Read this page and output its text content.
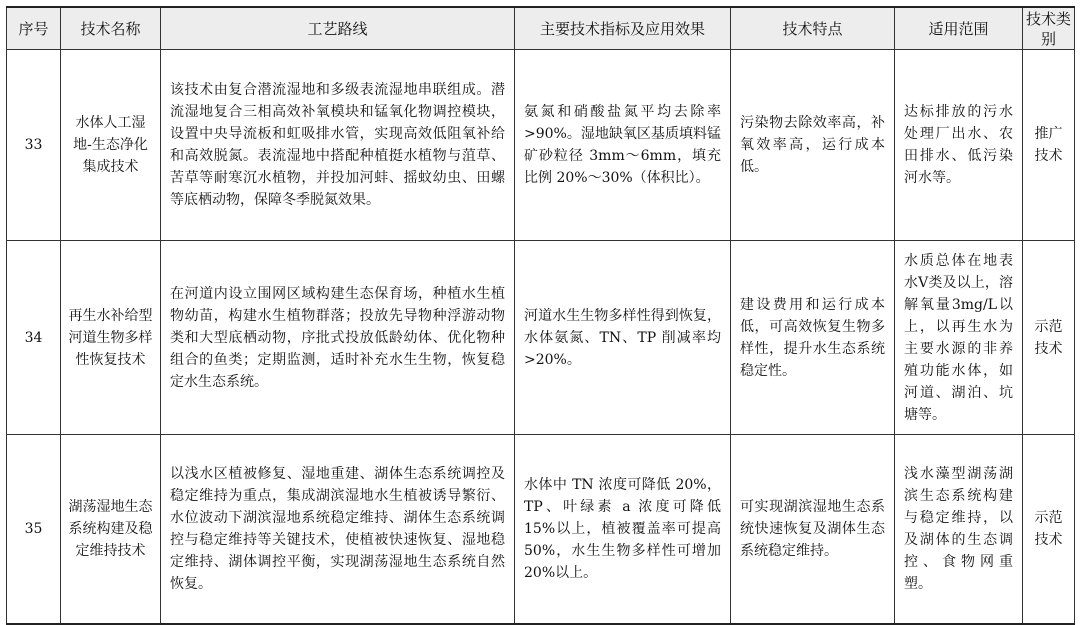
序号	技术名称	工艺路线	主要技术指标及应用效果	技术特点	适用范围	技术类别
33	水体人工湿地-生态净化集成技术	该技术由复合潜流湿地和多级表流湿地串联组成。潜流湿地复合三相高效补氧模块和锰氧化物调控模块，设置中央导流板和虹吸排水管，实现高效低阻氧补给和高效脱氮。表流湿地中搭配种植挺水植物与菹草、苦草等耐寒沉水植物，并投加河蚌、摇蚊幼虫、田螺等底栖动物，保障冬季脱氮效果。	氨氮和硝酸盐氮平均去除率>90%。湿地缺氧区基质填料锰矿砂粒径 3mm～6mm，填充比例 20%～30%（体积比）。	污染物去除效率高，补氧效率高，运行成本低。	达标排放的污水处理厂出水、农田排水、低污染河水等。	推广技术
34	再生水补给型河道生物多样性恢复技术	在河道内设立围网区域构建生态保育场，种植水生植物幼苗，构建水生植物群落；投放先导物种浮游动物类和大型底栖动物，序批式投放低龄幼体、优化物种组合的鱼类；定期监测，适时补充水生生物，恢复稳定水生态系统。	河道水生生物多样性得到恢复，水体氨氮、TN、TP 削减率均>20%。	建设费用和运行成本低，可高效恢复生物多样性，提升水生态系统稳定性。	水质总体在地表水Ⅴ类及以上，溶解氧量3mg/L以上，以再生水为主要水源的非养殖功能水体，如河道、湖泊、坑塘等。	示范技术
35	湖荡湿地生态系统构建及稳定维持技术	以浅水区植被修复、湿地重建、湖体生态系统调控及稳定维持为重点，集成湖滨湿地水生植被诱导繁衍、水位波动下湖滨湿地系统稳定维持、湖体生态系统调控与稳定维持等关键技术，使植被快速恢复、湿地稳定维持、湖体调控平衡，实现湖荡湿地生态系统自然恢复。	水体中 TN 浓度可降低 20%，TP、叶绿素 a 浓度可降低 15%以上，植被覆盖率可提高 50%，水生生物多样性可增加 20%以上。	可实现湖滨湿地生态系统快速恢复及湖体生态系统稳定维持。	浅水藻型湖荡湖滨生态系统构建与稳定维持，以及湖体的生态调控、食物网重塑。	示范技术
